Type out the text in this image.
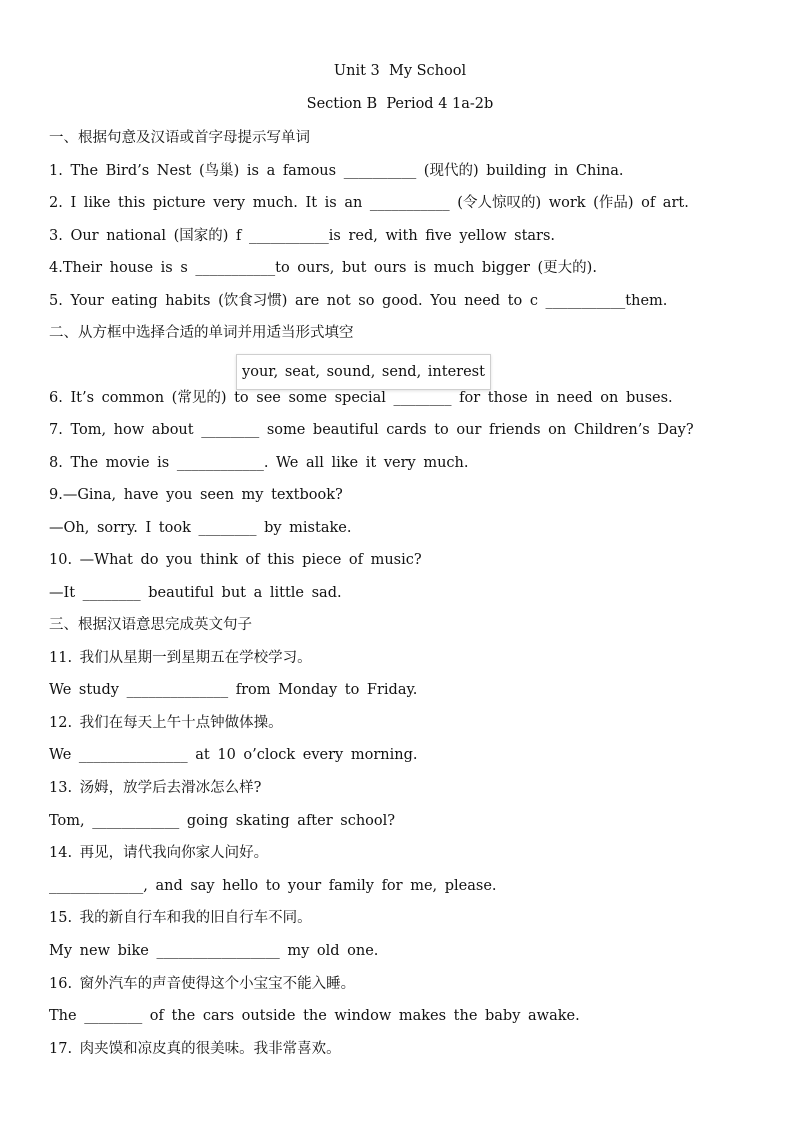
Unit 3  My School
Section B  Period 4 1a-2b
一、根据句意及汉语或首字母提示写单词
1. The Bird’s Nest (鸟巢) is a famous __________ (现代的) building in China.
2. I like this picture very much. It is an ___________ (令人惊叹的) work (作品) of art.
3. Our national (国家的) f ___________is red, with five yellow stars.
4.Their house is s ___________to ours, but ours is much bigger (更大的).
5. Your eating habits (饮食习惯) are not so good. You need to c ___________them.
二、从方框中选择合适的单词并用适当形式填空
your, seat, sound, send, interest
6. It’s common (常见的) to see some special ________ for those in need on buses.
7. Tom, how about ________ some beautiful cards to our friends on Children’s Day?
8. The movie is ____________. We all like it very much.
9.—Gina, have you seen my textbook?
—Oh, sorry. I took ________ by mistake.
10. —What do you think of this piece of music?
—It ________ beautiful but a little sad.
三、根据汉语意思完成英文句子
11. 我们从星期一到星期五在学校学习。
We study ______________ from Monday to Friday.
12. 我们在每天上午十点钟做体操。
We _______________ at 10 o’clock every morning.
13. 汤姆，放学后去滑冰怎么样?
Tom, ____________ going skating after school?
14. 再见，请代我向你家人问好。
_____________, and say hello to your family for me, please.
15. 我的新自行车和我的旧自行车不同。
My new bike _________________ my old one.
16. 窗外汽车的声音使得这个小宝宝不能入睡。
The ________ of the cars outside the window makes the baby awake.
17. 肉夹馍和凉皮真的很美味。我非常喜欢。
